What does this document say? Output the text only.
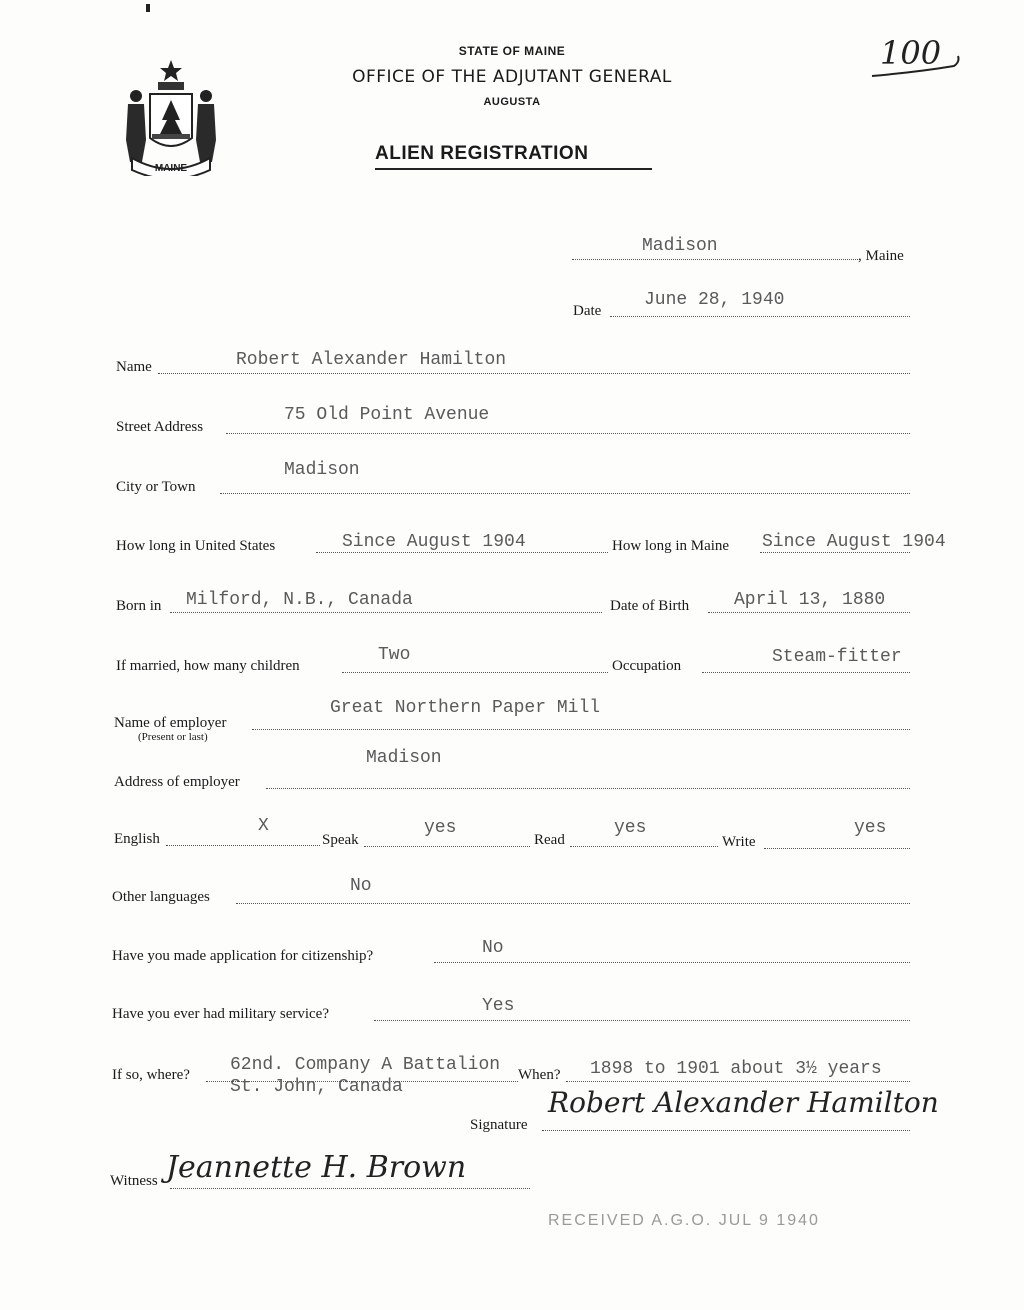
100
MAINE
STATE OF MAINE
OFFICE OF THE ADJUTANT GENERAL
AUGUSTA
ALIEN REGISTRATION
Madison	, Maine
Date
June 28, 1940
Name	Robert Alexander Hamilton
Street Address
75 Old Point Avenue
City or Town
Madison
How long in United States	Since August 1904	How long in Maine Since August 1904
Born in Milford, N.B., Canada	Date of Birth April 13, 1880
If married, how many children
Two
Occupation	Steam-fitter
Name of employer
(Present or last)
Great Northern Paper Mill
Address of employer
Madison
English
X
Speak
yes
Read
yes
Write
yes
Other languages
No
Have you made application for citizenship?	No
Have you ever had military service?	Yes
If so, where? 62nd. Company A Battalion
St. John, Canada
When? 1898 to 1901 about 3½ years
Signature
Robert Alexander Hamilton
Witness Jeannette H. Brown
RECEIVED A.G.O. JUL 9 1940
